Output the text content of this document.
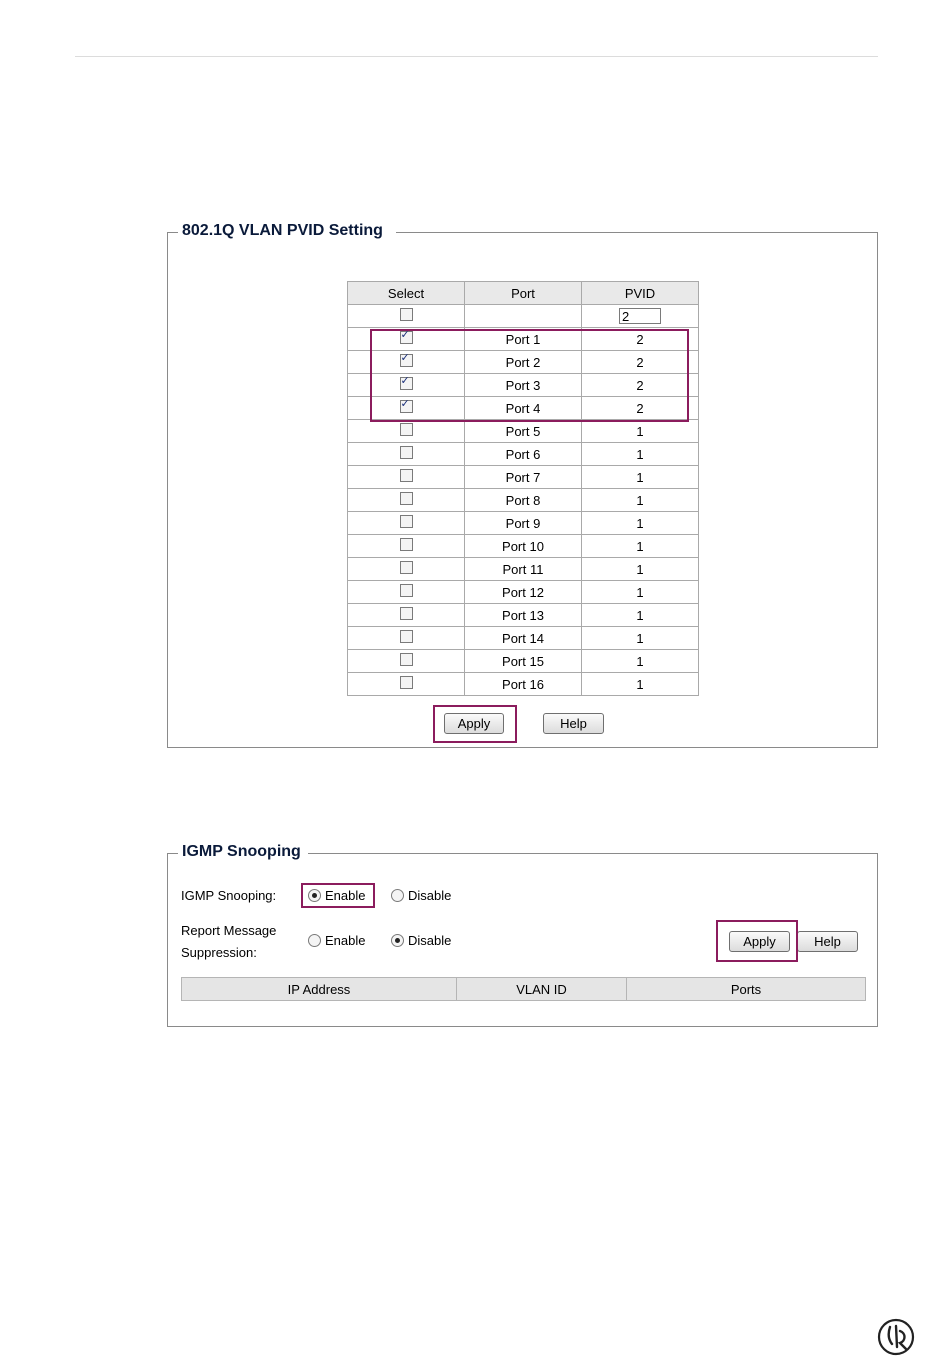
802.1Q VLAN PVID Setting
Select	Port	PVID
		2
✓	Port 1	2
✓	Port 2	2
✓	Port 3	2
✓	Port 4	2
	Port 5	1
	Port 6	1
	Port 7	1
	Port 8	1
	Port 9	1
	Port 10	1
	Port 11	1
	Port 12	1
	Port 13	1
	Port 14	1
	Port 15	1
	Port 16	1
Apply	Help
IGMP Snooping
IGMP Snooping:	Enable	Disable
Report Message
Suppression:
Enable	Disable	Apply	Help
IP Address	VLAN ID	Ports
